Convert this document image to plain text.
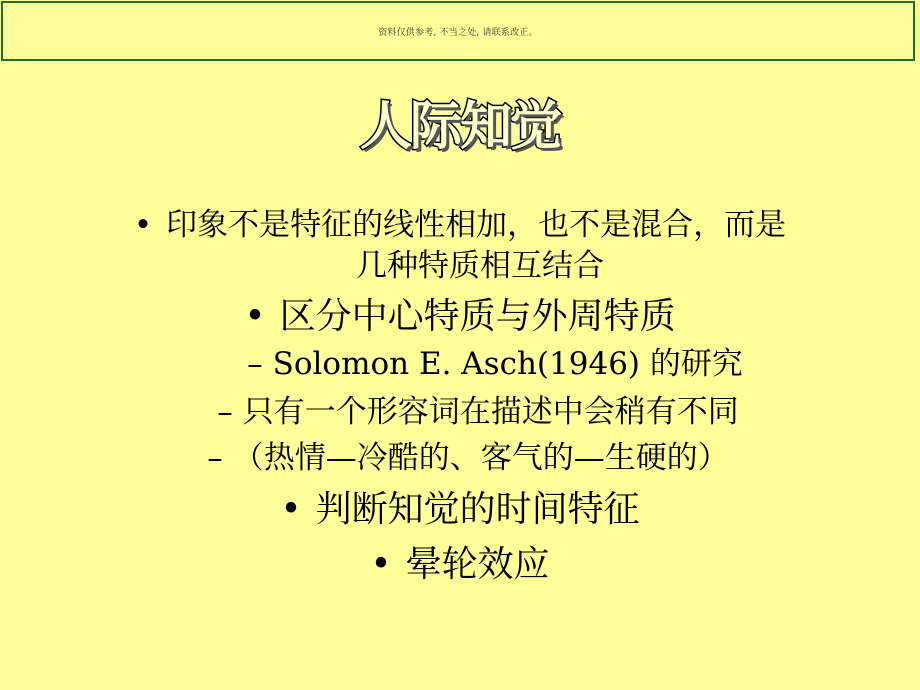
资料仅供参考, 不当之处, 请联系改正。
人际知觉
• 印象不是特征的线性相加，也不是混合，而是
几种特质相互结合
• 区分中心特质与外周特质
– Solomon E. Asch(1946) 的研究
– 只有一个形容词在描述中会稍有不同
– （热情—冷酷的、客气的—生硬的）
• 判断知觉的时间特征
• 晕轮效应
